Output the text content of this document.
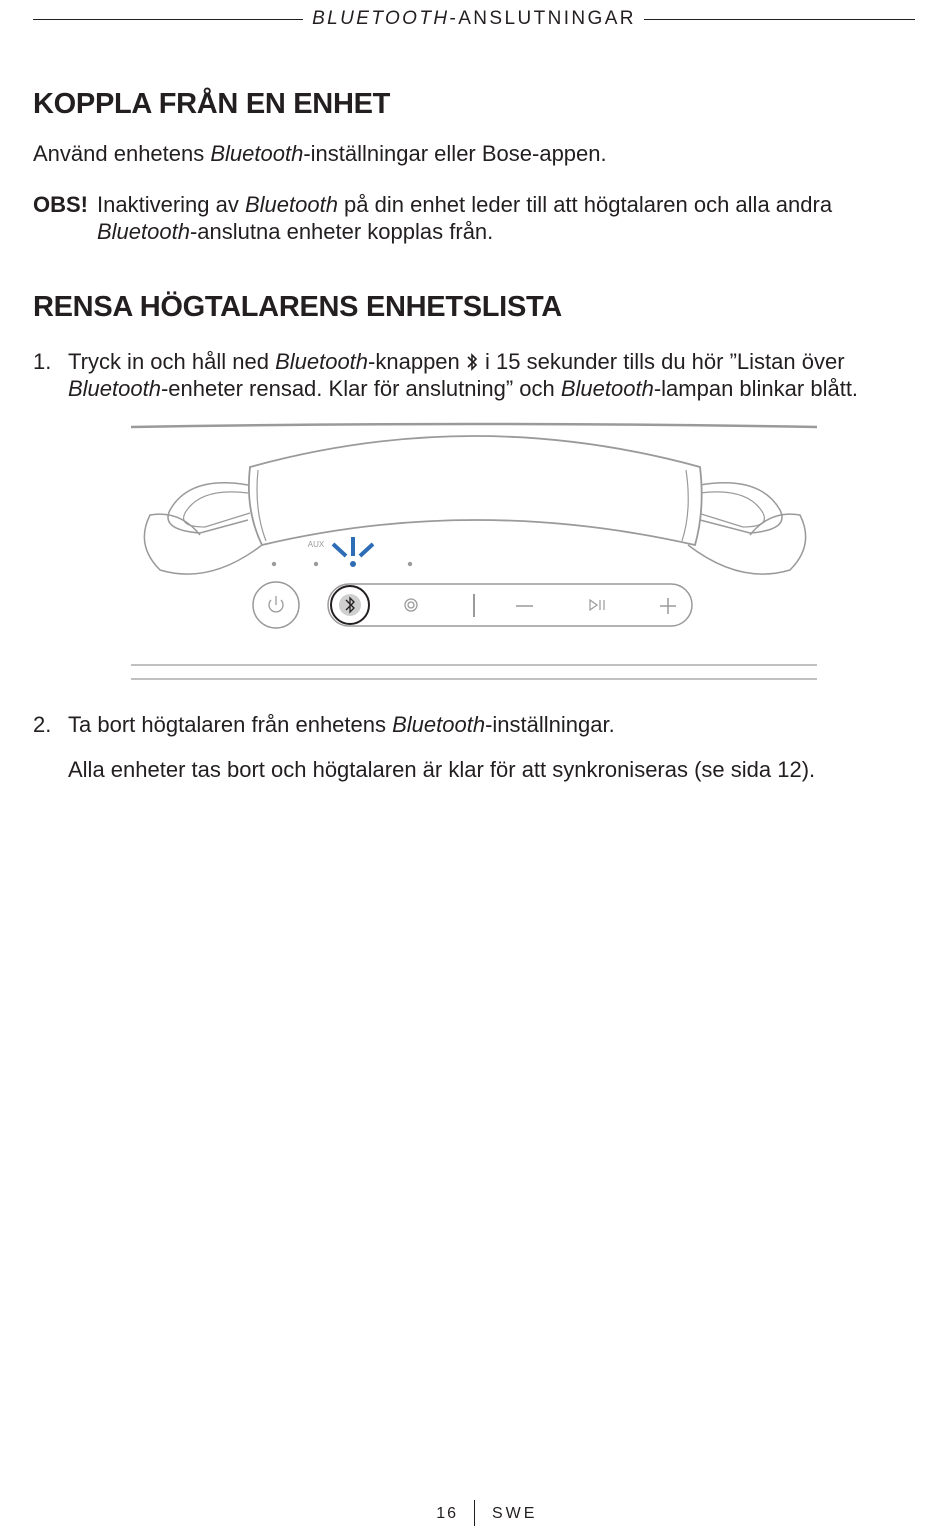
BLUETOOTH-ANSLUTNINGAR
KOPPLA FRÅN EN ENHET

Använd enhetens Bluetooth-inställningar eller Bose-appen.

OBS! Inaktivering av Bluetooth på din enhet leder till att högtalaren och alla andra
Bluetooth-anslutna enheter kopplas från.
RENSA HÖGTALARENS ENHETSLISTA
1. Tryck in och håll ned Bluetooth-knappen  i 15 sekunder tills du hör ”Listan över
Bluetooth-enheter rensad. Klar för anslutning” och Bluetooth-lampan blinkar blått.
AUX
2. Ta bort högtalaren från enhetens Bluetooth-inställningar.
Alla enheter tas bort och högtalaren är klar för att synkroniseras (se sida 12).
16 SWE
